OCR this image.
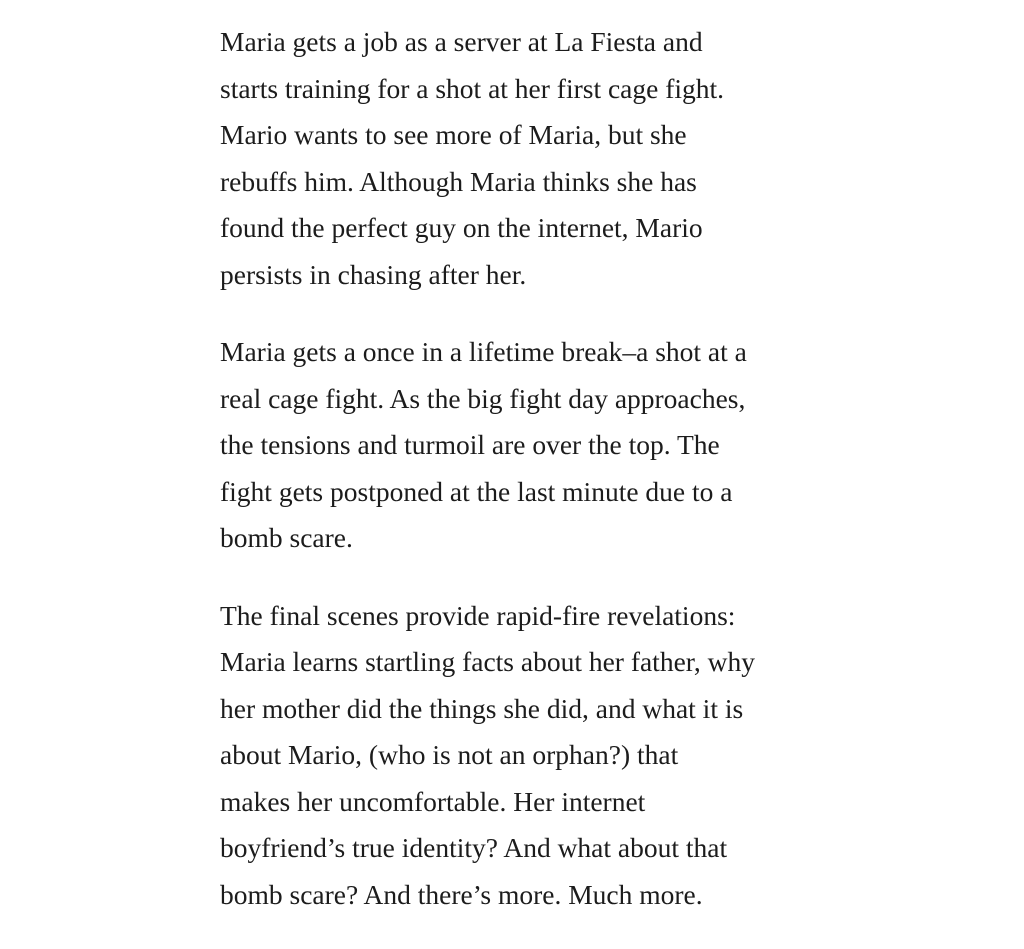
Maria gets a job as a server at La Fiesta and
starts training for a shot at her first cage fight.
Mario wants to see more of Maria, but she
rebuffs him. Although Maria thinks she has
found the perfect guy on the internet, Mario
persists in chasing after her.

Maria gets a once in a lifetime break–a shot at a
real cage fight. As the big fight day approaches,
the tensions and turmoil are over the top. The
fight gets postponed at the last minute due to a
bomb scare.

The final scenes provide rapid-fire revelations:
Maria learns startling facts about her father, why
her mother did the things she did, and what it is
about Mario, (who is not an orphan?) that
makes her uncomfortable. Her internet
boyfriend’s true identity? And what about that
bomb scare? And there’s more. Much more.
